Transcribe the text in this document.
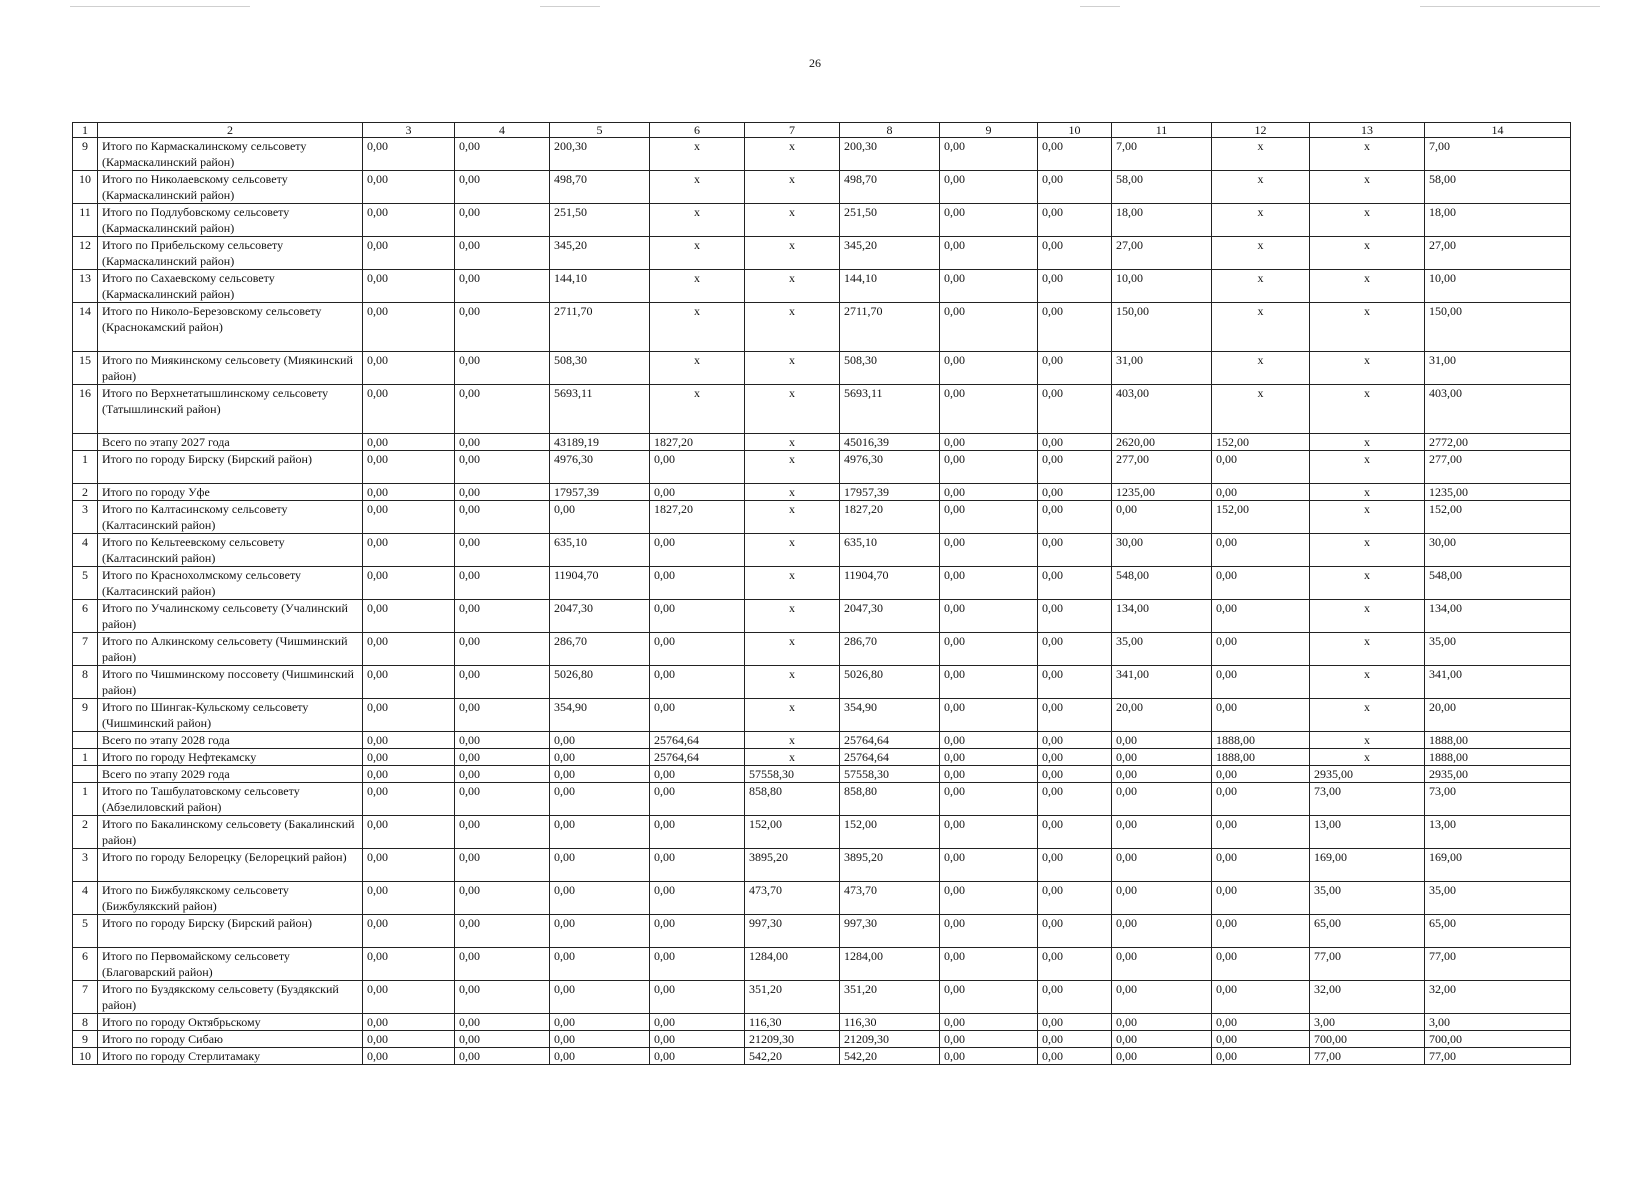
26
1	2	3	4	5	6	7	8	9	10	11	12	13	14
9	Итого по Кармаскалинскому сельсовету (Кармаскалинский район)	0,00	0,00	200,30	x	x	200,30	0,00	0,00	7,00	x	x	7,00
10	Итого по Николаевскому сельсовету (Кармаскалинский район)	0,00	0,00	498,70	x	x	498,70	0,00	0,00	58,00	x	x	58,00
11	Итого по Подлубовскому сельсовету (Кармаскалинский район)	0,00	0,00	251,50	x	x	251,50	0,00	0,00	18,00	x	x	18,00
12	Итого по Прибельскому сельсовету (Кармаскалинский район)	0,00	0,00	345,20	x	x	345,20	0,00	0,00	27,00	x	x	27,00
13	Итого по Сахаевскому сельсовету (Кармаскалинский район)	0,00	0,00	144,10	x	x	144,10	0,00	0,00	10,00	x	x	10,00
14	Итого по Николо-Березовскому сельсовету (Краснокамский район)	0,00	0,00	2711,70	x	x	2711,70	0,00	0,00	150,00	x	x	150,00
15	Итого по Миякинскому сельсовету (Миякинский район)	0,00	0,00	508,30	x	x	508,30	0,00	0,00	31,00	x	x	31,00
16	Итого по Верхнетатышлинскому сельсовету (Татышлинский район)	0,00	0,00	5693,11	x	x	5693,11	0,00	0,00	403,00	x	x	403,00
	Всего по этапу 2027 года	0,00	0,00	43189,19	1827,20	x	45016,39	0,00	0,00	2620,00	152,00	x	2772,00
1	Итого по городу Бирску (Бирский район)	0,00	0,00	4976,30	0,00	x	4976,30	0,00	0,00	277,00	0,00	x	277,00
2	Итого по городу Уфе	0,00	0,00	17957,39	0,00	x	17957,39	0,00	0,00	1235,00	0,00	x	1235,00
3	Итого по Калтасинскому сельсовету (Калтасинский район)	0,00	0,00	0,00	1827,20	x	1827,20	0,00	0,00	0,00	152,00	x	152,00
4	Итого по Кельтеевскому сельсовету (Калтасинский район)	0,00	0,00	635,10	0,00	x	635,10	0,00	0,00	30,00	0,00	x	30,00
5	Итого по Краснохолмскому сельсовету (Калтасинский район)	0,00	0,00	11904,70	0,00	x	11904,70	0,00	0,00	548,00	0,00	x	548,00
6	Итого по Учалинскому сельсовету (Учалинский район)	0,00	0,00	2047,30	0,00	x	2047,30	0,00	0,00	134,00	0,00	x	134,00
7	Итого по Алкинскому сельсовету (Чишминский район)	0,00	0,00	286,70	0,00	x	286,70	0,00	0,00	35,00	0,00	x	35,00
8	Итого по Чишминскому поссовету (Чишминский район)	0,00	0,00	5026,80	0,00	x	5026,80	0,00	0,00	341,00	0,00	x	341,00
9	Итого по Шингак-Кульскому сельсовету (Чишминский район)	0,00	0,00	354,90	0,00	x	354,90	0,00	0,00	20,00	0,00	x	20,00
	Всего по этапу 2028 года	0,00	0,00	0,00	25764,64	x	25764,64	0,00	0,00	0,00	1888,00	x	1888,00
1	Итого по городу Нефтекамску	0,00	0,00	0,00	25764,64	x	25764,64	0,00	0,00	0,00	1888,00	x	1888,00
	Всего по этапу 2029 года	0,00	0,00	0,00	0,00	57558,30	57558,30	0,00	0,00	0,00	0,00	2935,00	2935,00
1	Итого по Ташбулатовскому сельсовету (Абзелиловский район)	0,00	0,00	0,00	0,00	858,80	858,80	0,00	0,00	0,00	0,00	73,00	73,00
2	Итого по Бакалинскому сельсовету (Бакалинский район)	0,00	0,00	0,00	0,00	152,00	152,00	0,00	0,00	0,00	0,00	13,00	13,00
3	Итого по городу Белорецку (Белорецкий район)	0,00	0,00	0,00	0,00	3895,20	3895,20	0,00	0,00	0,00	0,00	169,00	169,00
4	Итого по Бижбулякскому сельсовету (Бижбулякский район)	0,00	0,00	0,00	0,00	473,70	473,70	0,00	0,00	0,00	0,00	35,00	35,00
5	Итого по городу Бирску (Бирский район)	0,00	0,00	0,00	0,00	997,30	997,30	0,00	0,00	0,00	0,00	65,00	65,00
6	Итого по Первомайскому сельсовету (Благоварский район)	0,00	0,00	0,00	0,00	1284,00	1284,00	0,00	0,00	0,00	0,00	77,00	77,00
7	Итого по Буздякскому сельсовету (Буздякский район)	0,00	0,00	0,00	0,00	351,20	351,20	0,00	0,00	0,00	0,00	32,00	32,00
8	Итого по городу Октябрьскому	0,00	0,00	0,00	0,00	116,30	116,30	0,00	0,00	0,00	0,00	3,00	3,00
9	Итого по городу Сибаю	0,00	0,00	0,00	0,00	21209,30	21209,30	0,00	0,00	0,00	0,00	700,00	700,00
10	Итого по городу Стерлитамаку	0,00	0,00	0,00	0,00	542,20	542,20	0,00	0,00	0,00	0,00	77,00	77,00
